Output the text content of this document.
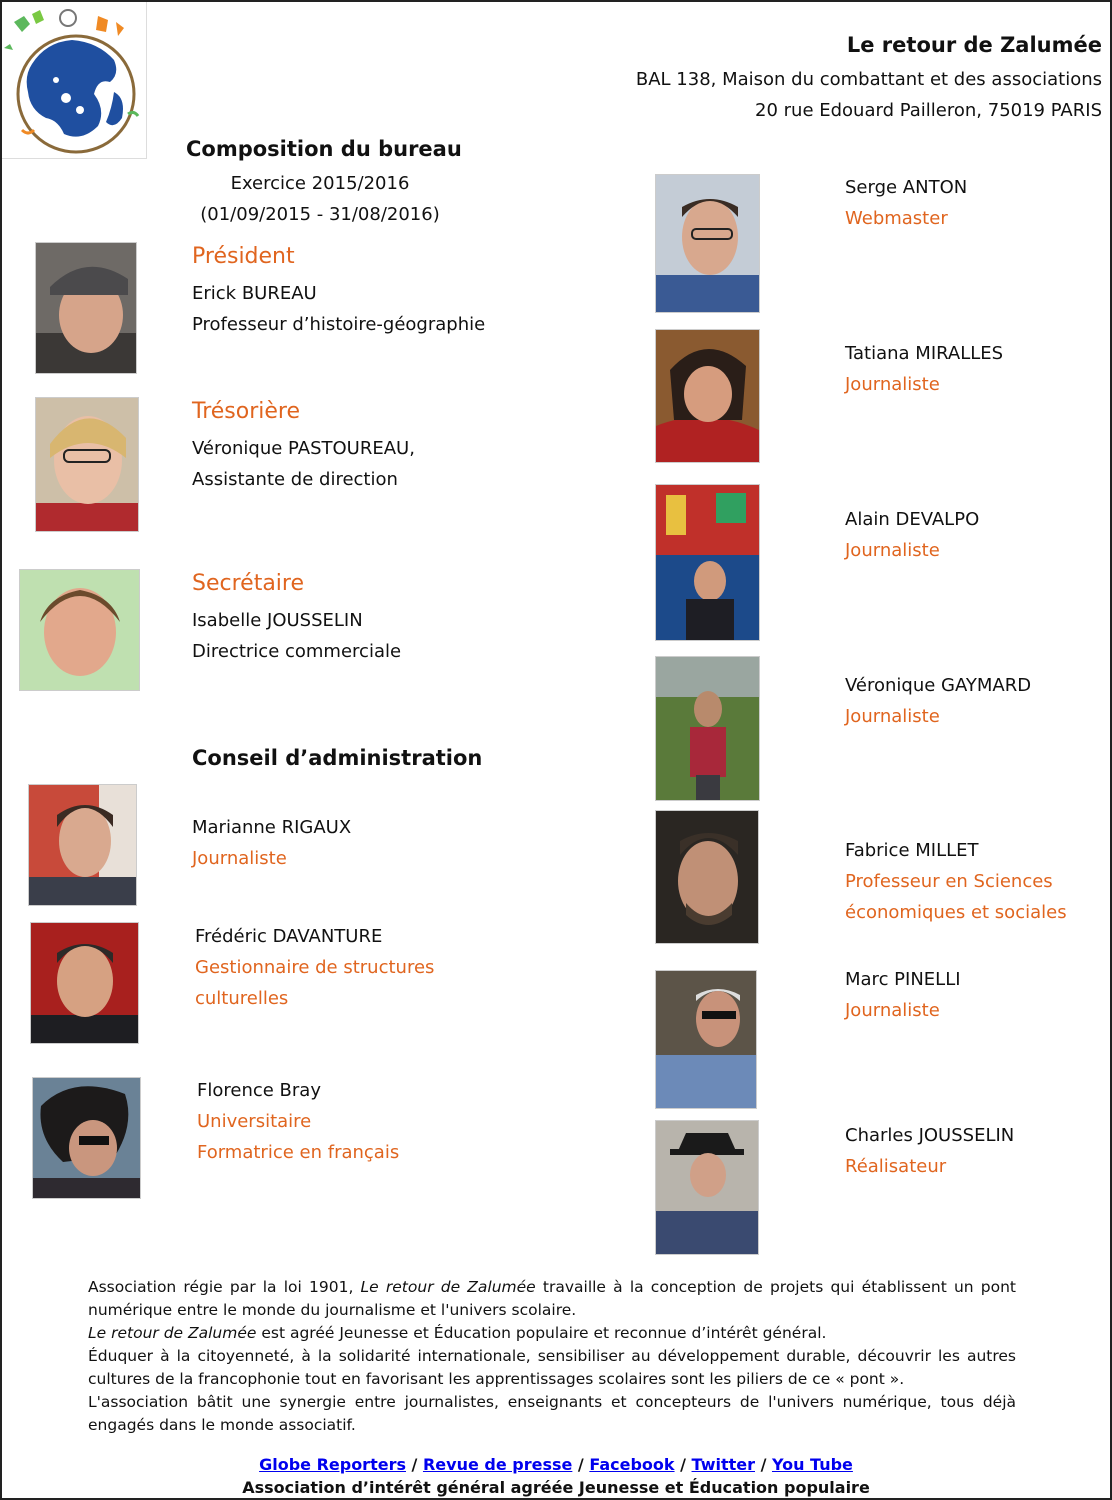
Le retour de Zalumée
BAL 138, Maison du combattant et des associations
20 rue Edouard Pailleron, 75019 PARIS
Composition du bureau
Exercice 2015/2016
(01/09/2015 - 31/08/2016)
Président
Erick BUREAU
Professeur d’histoire-géographie
Trésorière
Véronique PASTOUREAU,
Assistante de direction
Secrétaire
Isabelle JOUSSELIN
Directrice commerciale
Conseil d’administration
Marianne RIGAUX
Journaliste
Frédéric DAVANTURE
Gestionnaire de structures
culturelles
Florence Bray
Universitaire
Formatrice en français
Serge ANTON
Webmaster
Tatiana MIRALLES
Journaliste
Alain DEVALPO
Journaliste
Véronique GAYMARD
Journaliste
Fabrice MILLET
Professeur en Sciences
économiques et sociales
Marc PINELLI
Journaliste
Charles JOUSSELIN
Réalisateur

Association régie par la loi 1901, Le retour de Zalumée travaille à la conception de projets qui établissent un pont numérique entre le monde du journalisme et l'univers scolaire.

Le retour de Zalumée est agréé Jeunesse et Éducation populaire et reconnue d’intérêt général.

Éduquer à la citoyenneté, à la solidarité internationale, sensibiliser au développement durable, découvrir les autres cultures de la francophonie tout en favorisant les apprentissages scolaires sont les piliers de ce « pont ».

L'association bâtit une synergie entre journalistes, enseignants et concepteurs de l'univers numérique, tous déjà engagés dans le monde associatif.

Globe Reporters / Revue de presse / Facebook / Twitter / You Tube
Association d’intérêt général agréée Jeunesse et Éducation populaire
